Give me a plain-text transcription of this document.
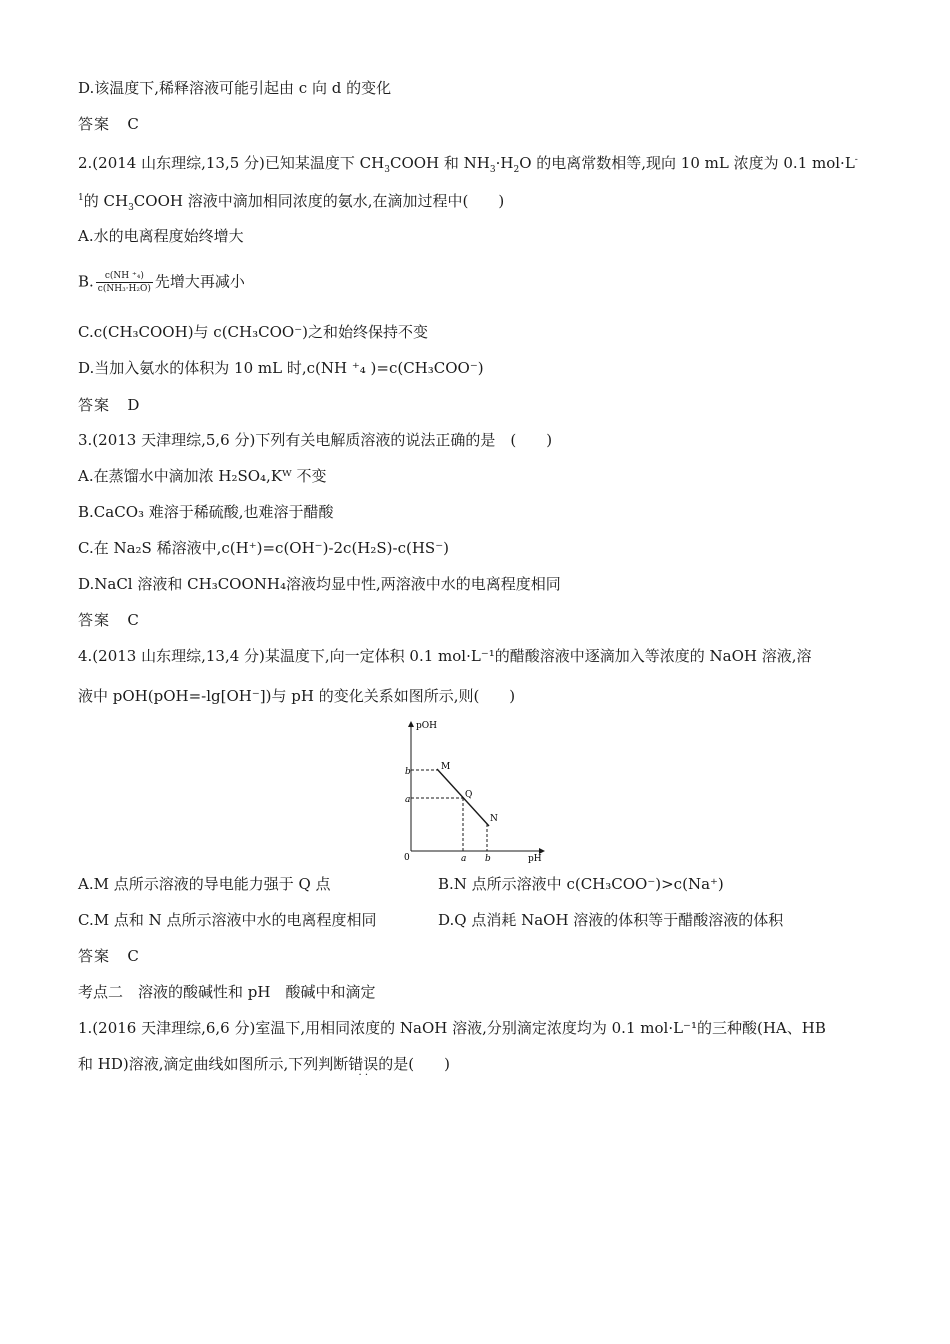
D.该温度下,稀释溶液可能引起由 c 向 d 的变化
答案 C
2.(2014 山东理综,13,5 分)已知某温度下 $CH_3COOH$ 和 $NH_3\cdot H_2O$ 的电离常数相等,现向 10 mL 浓度为 0.1 mol·L-
$^1$的 $CH_3COOH$ 溶液中滴加相同浓度的氨水,在滴加过程中(　　)
A.水的电离程度始终增大
B. $\frac{\text{c(NH ⁺₄)}}{\text{c(NH₃·H₂O)}}$ 先增大再减小
C.c(CH₃COOH)与 c(CH₃COO⁻)之和始终保持不变
D.当加入氨水的体积为 10 mL 时,c(NH ⁺₄ )=c(CH₃COO⁻)
答案 D
3.(2013 天津理综,5,6 分)下列有关电解质溶液的说法正确的是　(　　)
A.在蒸馏水中滴加浓 H₂SO₄,Kᵂ 不变
B.CaCO₃ 难溶于稀硫酸,也难溶于醋酸
C.在 Na₂S 稀溶液中,c(H⁺)=c(OH⁻)-2c(H₂S)-c(HS⁻)
D.NaCl 溶液和 CH₃COONH₄溶液均显中性,两溶液中水的电离程度相同
答案 C
4.(2013 山东理综,13,4 分)某温度下,向一定体积 0.1 mol·L⁻¹的醋酸溶液中逐滴加入等浓度的 NaOH 溶液,溶
液中 pOH(pOH=-lg[OH⁻])与 pH 的变化关系如图所示,则(　　)
pOH
pH
0
b
a
a b
M
Q
N
A.M 点所示溶液的导电能力强于 Q 点	B.N 点所示溶液中 c(CH₃COO⁻)>c(Na⁺)
C.M 点和 N 点所示溶液中水的电离程度相同	D.Q 点消耗 NaOH 溶液的体积等于醋酸溶液的体积
答案 C
考点二　溶液的酸碱性和 pH　酸碱中和滴定
1.(2016 天津理综,6,6 分)室温下,用相同浓度的 NaOH 溶液,分别滴定浓度均为 0.1 mol·L⁻¹的三种酸(HA、HB
和 HD)溶液,滴定曲线如图所示,下列判断错误
· ·
的是(　　)
